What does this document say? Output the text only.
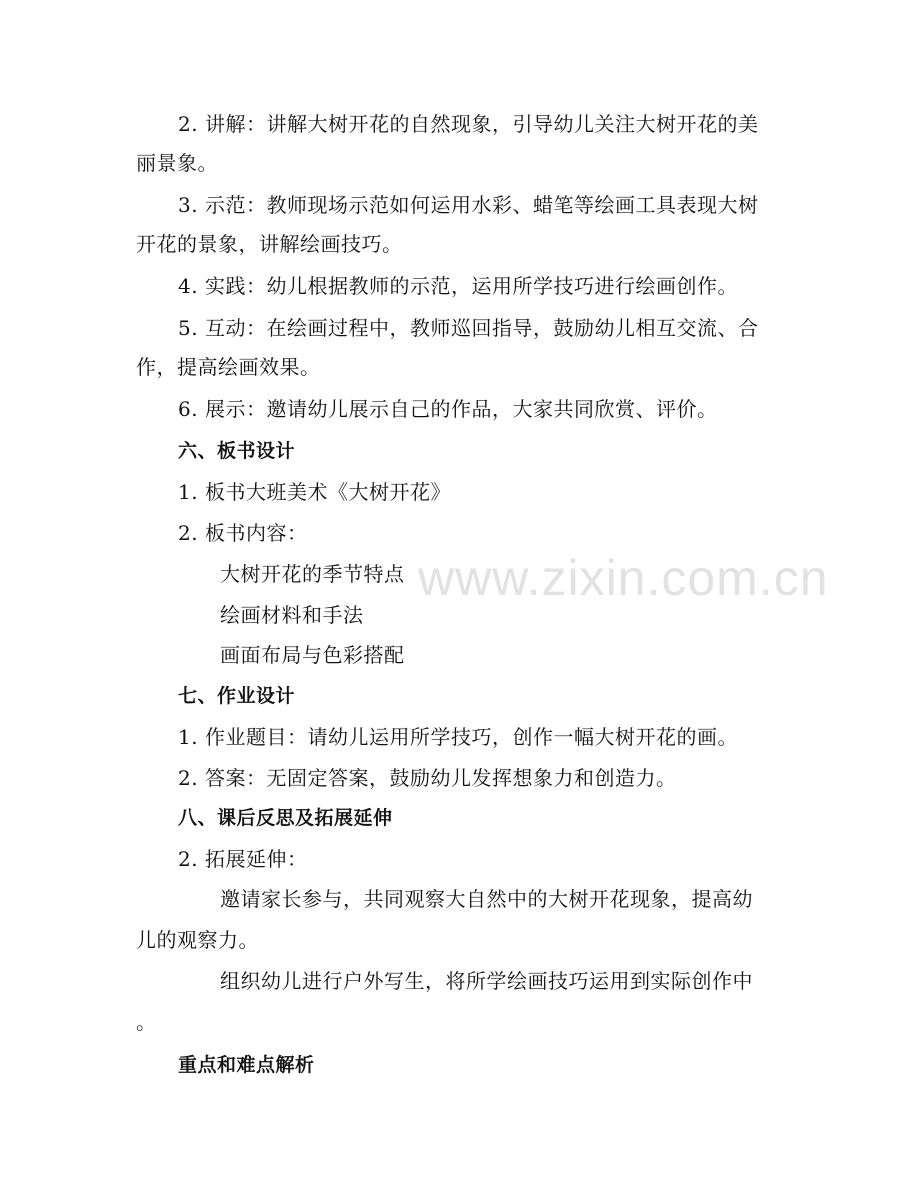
www.zixin.com.cn
2. 讲解：讲解大树开花的自然现象，引导幼儿关注大树开花的美
丽景象。
3. 示范：教师现场示范如何运用水彩、蜡笔等绘画工具表现大树
开花的景象，讲解绘画技巧。
4. 实践：幼儿根据教师的示范，运用所学技巧进行绘画创作。
5. 互动：在绘画过程中，教师巡回指导，鼓励幼儿相互交流、合
作，提高绘画效果。
6. 展示：邀请幼儿展示自己的作品，大家共同欣赏、评价。
六、板书设计
1. 板书大班美术《大树开花》
2. 板书内容：
大树开花的季节特点
绘画材料和手法
画面布局与色彩搭配
七、作业设计
1. 作业题目：请幼儿运用所学技巧，创作一幅大树开花的画。
2. 答案：无固定答案，鼓励幼儿发挥想象力和创造力。
八、课后反思及拓展延伸
2. 拓展延伸：
邀请家长参与，共同观察大自然中的大树开花现象，提高幼
儿的观察力。
组织幼儿进行户外写生，将所学绘画技巧运用到实际创作中
。
重点和难点解析
